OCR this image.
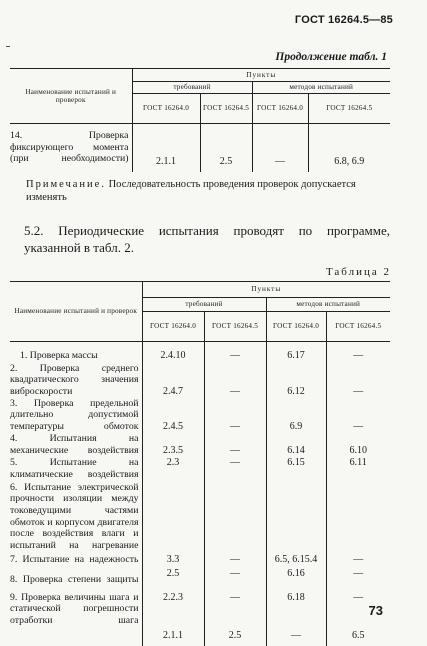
ГОСТ 16264.5—85
Продолжение табл. 1
Наименование испытаний и проверок	Пункты			
	требований		методов испытаний	
	ГОСТ 16264.0	ГОСТ 16264.5	ГОСТ 16264.0	ГОСТ 16264.5
14. Проверка фиксирующего момента (при необходимости)	2.1.1	2.5	—	6.8, 6.9
Примечание. Последовательность проведения проверок допускается изменять
5.2. Периодические испытания проводят по программе, указанной в табл. 2.
Таблица 2
Наименование испытаний и проверок	Пункты			
	требований		методов испытаний	
	ГОСТ 16264.0	ГОСТ 16264.5	ГОСТ 16264.0	ГОСТ 16264.5

1. Проверка массы	2.4.10	—	6.17	—
2. Проверка среднего квадратического значения виброскорости	2.4.7	—	6.12	—
3. Проверка предельной длительно допустимой температуры обмоток	2.4.5	—	6.9	—
4. Испытания на механические воздействия	2.3.5	—	6.14	6.10
5. Испытание на климатические воздействия	2.3	—	6.15	6.11
6. Испытание электрической прочности изоляции между токоведущими частями обмоток и корпусом двигателя после воздействия влаги и испытаний на нагревание				
7. Испытание на надежность	3.3	—	6.5, 6.15.4	—
8. Проверка степени защиты	2.5	—	6.16	—
9. Проверка величины шага и статической погрешности отработки шага	2.2.3	—	6.18	—
	2.1.1	2.5	—	6.5
73
